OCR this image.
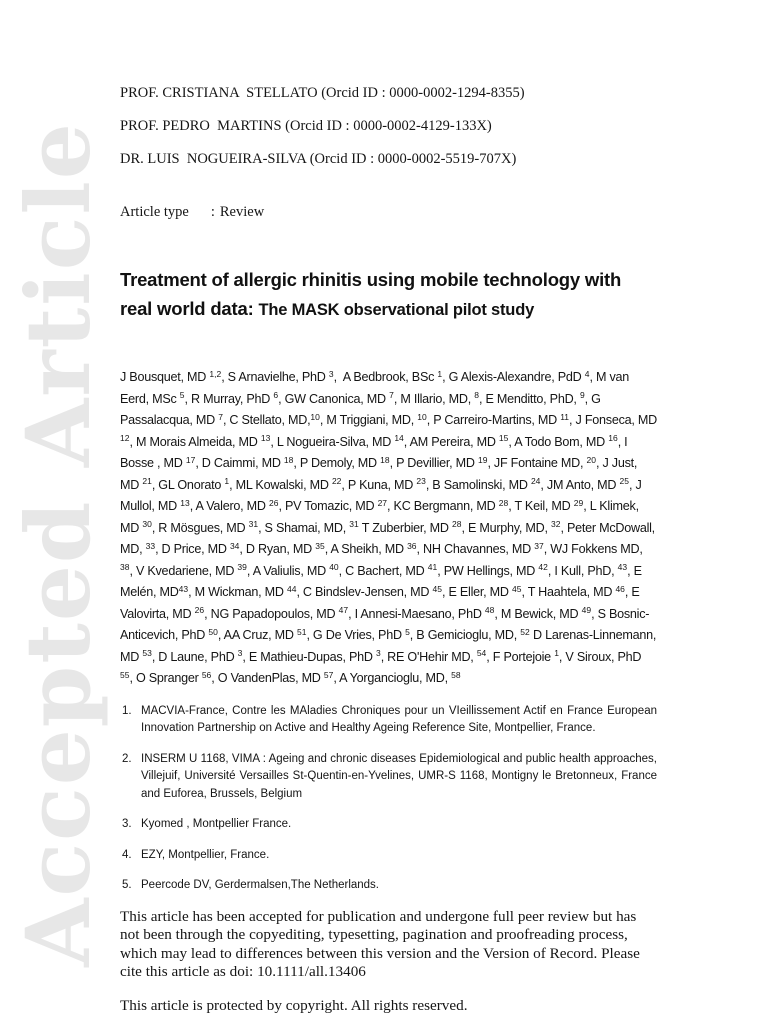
Accepted Article

PROF. CRISTIANA  STELLATO (Orcid ID : 0000-0002-1294-8355)

PROF. PEDRO  MARTINS (Orcid ID : 0000-0002-4129-133X)

DR. LUIS  NOGUEIRA-SILVA (Orcid ID : 0000-0002-5519-707X)

Article type : Review

Treatment of allergic rhinitis using mobile technology with real world data: The MASK observational pilot study

J Bousquet, MD $^{1,2}$, S Arnavielhe, PhD $^3$,  A Bedbrook, BSc $^1$, G Alexis-Alexandre, PdD $^4$, M van Eerd, MSc $^5$, R Murray, PhD $^6$, GW Canonica, MD $^7$, M Illario, MD, $^8$, E Menditto, PhD, $^9$, G Passalacqua, MD $^7$, C Stellato, MD,$^{10}$, M Triggiani, MD, $^{10}$, P Carreiro-Martins, MD $^{11}$, J Fonseca, MD $^{12}$, M Morais Almeida, MD $^{13}$, L Nogueira-Silva, MD $^{14}$, AM Pereira, MD $^{15}$, A Todo Bom, MD $^{16}$, I Bosse , MD $^{17}$, D Caimmi, MD $^{18}$, P Demoly, MD $^{18}$, P Devillier, MD $^{19}$, JF Fontaine MD, $^{20}$, J Just, MD $^{21}$, GL Onorato $^1$, ML Kowalski, MD $^{22}$, P Kuna, MD $^{23}$, B Samolinski, MD $^{24}$, JM Anto, MD $^{25}$, J Mullol, MD $^{13}$, A Valero, MD $^{26}$, PV Tomazic, MD $^{27}$, KC Bergmann, MD $^{28}$, T Keil, MD $^{29}$, L Klimek, MD $^{30}$, R Mösgues, MD $^{31}$, S Shamai, MD, $^{31}$ T Zuberbier, MD $^{28}$, E Murphy, MD, $^{32}$, Peter McDowall, MD, $^{33}$, D Price, MD $^{34}$, D Ryan, MD $^{35}$, A Sheikh, MD $^{36}$, NH Chavannes, MD $^{37}$, WJ Fokkens MD, $^{38}$, V Kvedariene, MD $^{39}$, A Valiulis, MD $^{40}$, C Bachert, MD $^{41}$, PW Hellings, MD $^{42}$, I Kull, PhD, $^{43}$, E Melén, MD$^{43}$, M Wickman, MD $^{44}$, C Bindslev-Jensen, MD $^{45}$, E Eller, MD $^{45}$, T Haahtela, MD $^{46}$, E Valovirta, MD $^{26}$, NG Papadopoulos, MD $^{47}$, I Annesi-Maesano, PhD $^{48}$, M Bewick, MD $^{49}$, S Bosnic-Anticevich, PhD $^{50}$, AA Cruz, MD $^{51}$, G De Vries, PhD $^5$, B Gemicioglu, MD, $^{52}$ D Larenas-Linnemann, MD $^{53}$, D Laune, PhD $^3$, E Mathieu-Dupas, PhD $^3$, RE O'Hehir MD, $^{54}$, F Portejoie $^1$, V Siroux, PhD $^{55}$, O Spranger $^{56}$, O VandenPlas, MD $^{57}$, A Yorgancioglu, MD, $^{58}$

1. MACVIA-France, Contre les MAladies Chroniques pour un VIeillissement Actif en France European Innovation Partnership on Active and Healthy Ageing Reference Site, Montpellier, France.
2. INSERM U 1168, VIMA : Ageing and chronic diseases Epidemiological and public health approaches, Villejuif, Université Versailles St-Quentin-en-Yvelines, UMR-S 1168, Montigny le Bretonneux, France and Euforea, Brussels, Belgium
3. Kyomed , Montpellier France.
4. EZY, Montpellier, France.
5. Peercode DV, Gerdermalsen,The Netherlands.

This article has been accepted for publication and undergone full peer review but has not been through the copyediting, typesetting, pagination and proofreading process, which may lead to differences between this version and the Version of Record. Please cite this article as doi: 10.1111/all.13406

This article is protected by copyright. All rights reserved.
